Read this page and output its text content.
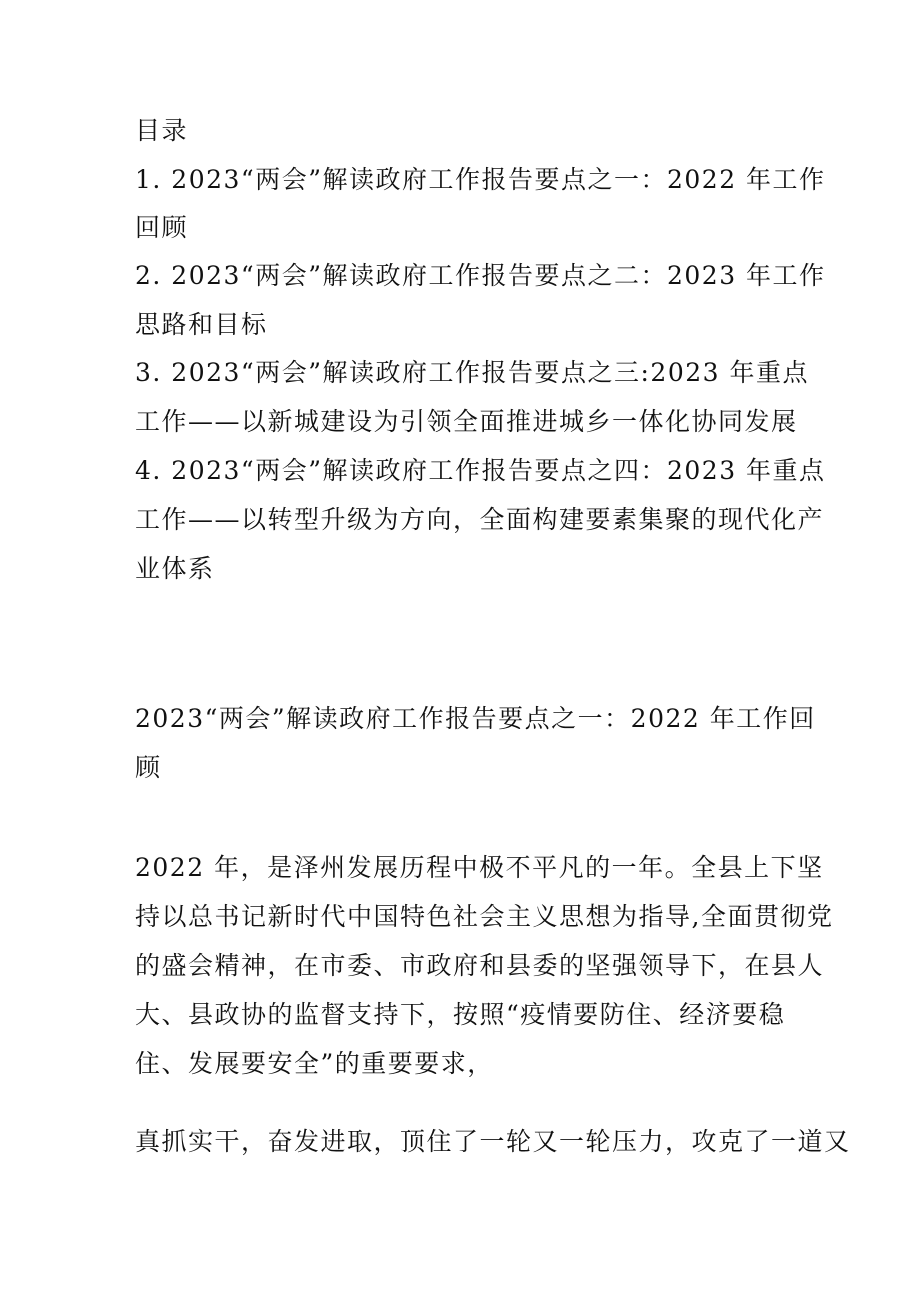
目录
1. 2023“两会”解读政府工作报告要点之一：2022 年工作
回顾
2. 2023“两会”解读政府工作报告要点之二：2023 年工作
思路和目标
3. 2023“两会”解读政府工作报告要点之三:2023 年重点
工作——以新城建设为引领全面推进城乡一体化协同发展
4. 2023“两会”解读政府工作报告要点之四：2023 年重点
工作——以转型升级为方向，全面构建要素集聚的现代化产
业体系
2023“两会”解读政府工作报告要点之一：2022 年工作回
顾
2022 年，是泽州发展历程中极不平凡的一年。全县上下坚
持以总书记新时代中国特色社会主义思想为指导,全面贯彻党
的盛会精神，在市委、市政府和县委的坚强领导下，在县人
大、县政协的监督支持下，按照“疫情要防住、经济要稳
住、发展要安全”的重要要求，
真抓实干，奋发进取，顶住了一轮又一轮压力，攻克了一道又
